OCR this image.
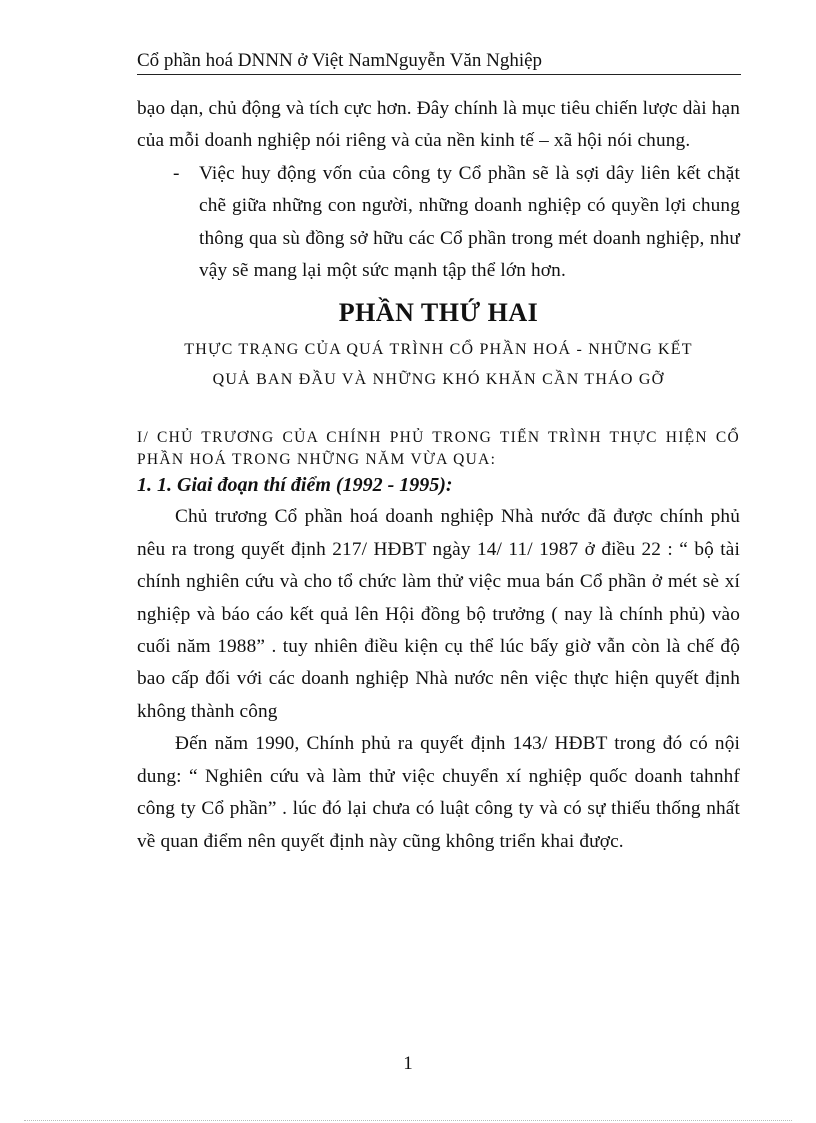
Cổ phần hoá DNNN ở Việt NamNguyễn Văn Nghiệp

bạo dạn, chủ động và tích cực hơn. Đây chính là mục tiêu chiến lược dài hạn của mỗi doanh nghiệp nói riêng và của nền kinh tế – xã hội nói chung.

- Việc huy động vốn của công ty Cổ phần sẽ là sợi dây liên kết chặt chẽ giữa những con người, những doanh nghiệp có quyền lợi chung thông qua sù đồng sở hữu các Cổ phần trong mét doanh nghiệp, như vậy sẽ mang lại một sức mạnh tập thể lớn hơn.
PHẦN THỨ HAI
THỰC TRẠNG CỦA QUÁ TRÌNH CỔ PHẦN HOÁ - NHỮNG KẾT
QUẢ BAN ĐẦU VÀ NHỮNG KHÓ KHĂN CẦN THÁO GỠ
I/ CHỦ TRƯƠNG CỦA CHÍNH PHỦ TRONG TIẾN TRÌNH THỰC HIỆN CỔ PHẦN HOÁ TRONG NHỮNG NĂM VỪA QUA:
1. 1. Giai đoạn thí điểm (1992 - 1995):

Chủ trương Cổ phần hoá doanh nghiệp Nhà nước đã được chính phủ nêu ra trong quyết định 217/ HĐBT ngày 14/ 11/ 1987 ở điều 22 : “ bộ tài chính nghiên cứu và cho tổ chức làm thử việc mua bán Cổ phần ở mét sè xí nghiệp và báo cáo kết quả lên Hội đồng bộ trưởng ( nay là chính phủ) vào cuối năm 1988” . tuy nhiên điều kiện cụ thể lúc bấy giờ vẫn còn là chế độ bao cấp đối với các doanh nghiệp Nhà nước nên việc thực hiện quyết định không thành công

Đến năm 1990, Chính phủ ra quyết định 143/ HĐBT trong đó có nội dung: “ Nghiên cứu và làm thử việc chuyển xí nghiệp quốc doanh tahnhf công ty Cổ phần” . lúc đó lại chưa có luật công ty và có sự thiếu thống nhất về quan điểm nên quyết định này cũng không triển khai được.

1
